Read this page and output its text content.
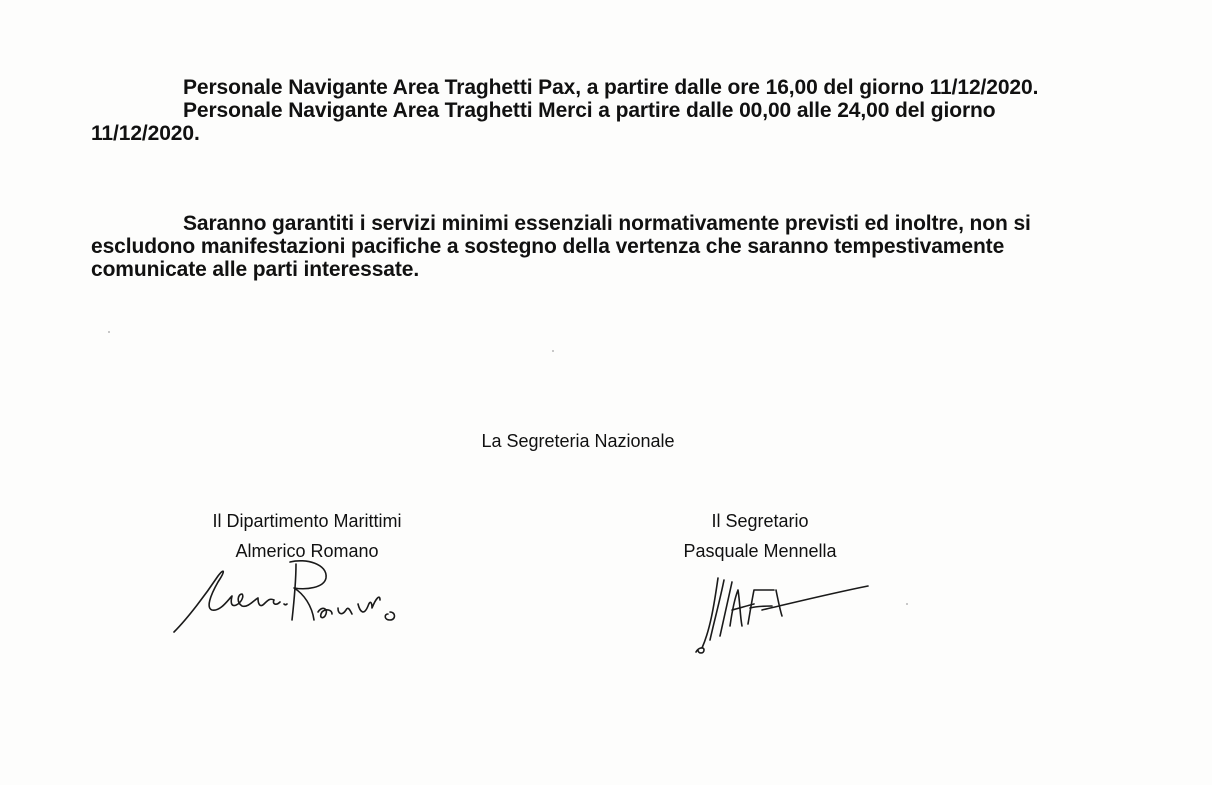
Personale Navigante Area Traghetti Pax, a partire dalle ore 16,00 del giorno 11/12/2020.

Personale Navigante Area Traghetti Merci a partire dalle 00,00 alle 24,00 del giorno 11/12/2020.

Saranno garantiti i servizi minimi essenziali normativamente previsti ed inoltre, non si escludono manifestazioni pacifiche a sostegno della vertenza che saranno tempestivamente comunicate alle parti interessate.

La Segreteria Nazionale
Il Dipartimento Marittimi
Almerico Romano
Il Segretario
Pasquale Mennella
